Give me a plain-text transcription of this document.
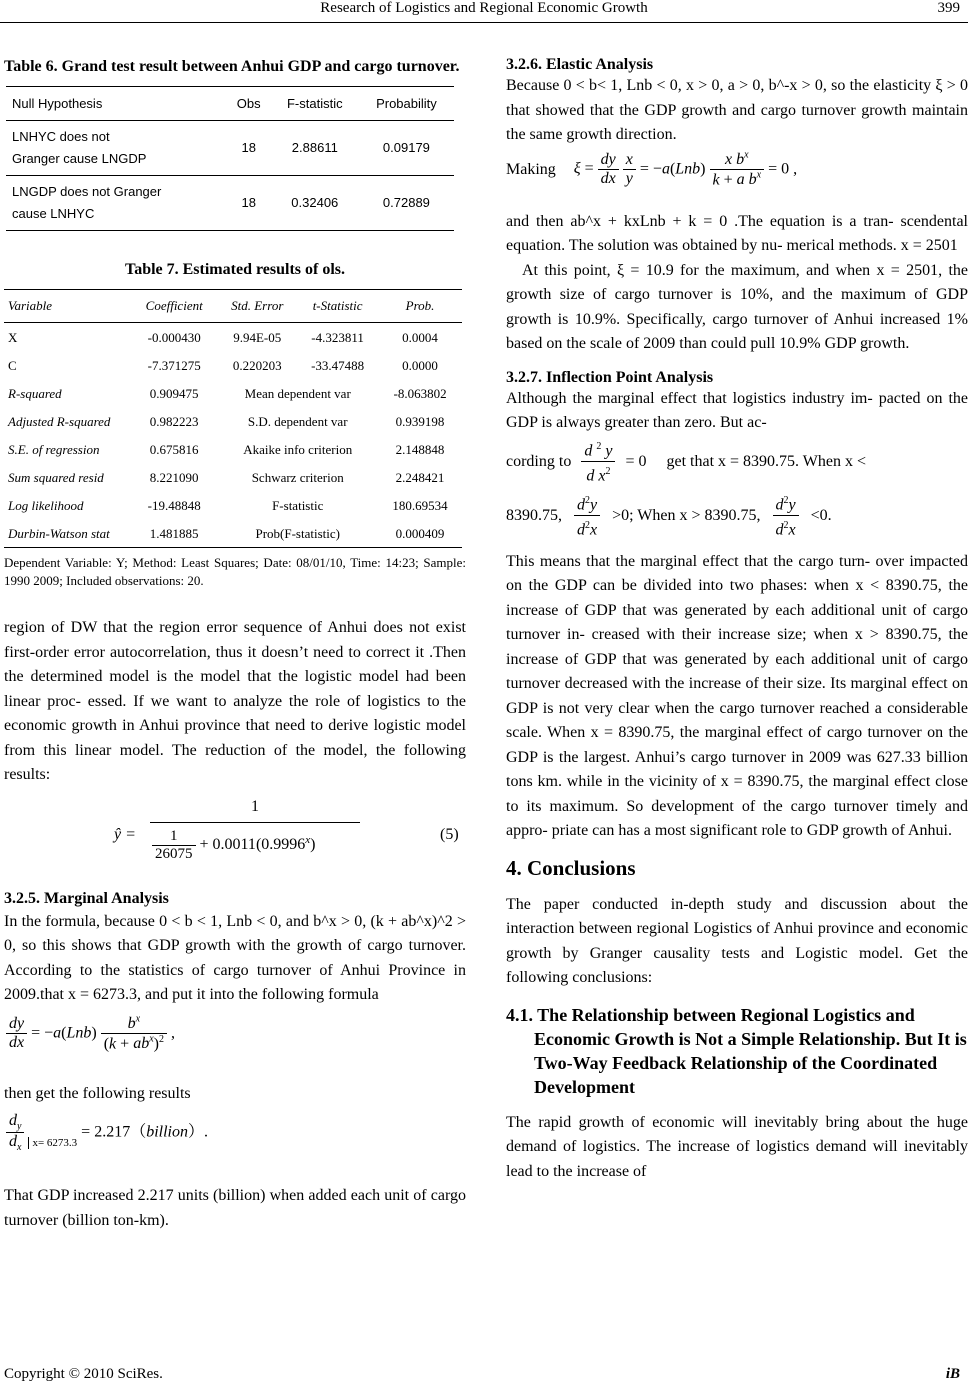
Research of Logistics and Regional Economic Growth	399
Table 6. Grand test result between Anhui GDP and cargo turnover.
Null Hypothesis	Obs	F-statistic	Probability
LNHYC does not
Granger cause LNGDP	18	2.88611	0.09179
LNGDP does not Granger
cause LNHYC	18	0.32406	0.72889
Table 7. Estimated results of ols.
Variable	Coefficient	Std. Error	t-Statistic	Prob.
X	-0.000430	9.94E-05	-4.323811	0.0004
C	-7.371275	0.220203	-33.47488	0.0000
R-squared	0.909475	Mean dependent var		-8.063802
Adjusted R-squared	0.982223	S.D. dependent var		0.939198
S.E. of regression	0.675816	Akaike info criterion		2.148848
Sum squared resid	8.221090	Schwarz criterion		2.248421
Log likelihood	-19.48848	F-statistic		180.69534
Durbin-Watson stat	1.481885	Prob(F-statistic)		0.000409
Dependent Variable: Y; Method: Least Squares; Date: 08/01/10, Time: 14:23; Sample: 1990 2009; Included observations: 20.

region of DW that the region error sequence of Anhui does not exist first-order error autocorrelation, thus it doesn’t need to correct it .Then the determined model is the model that the logistic model had been linear proc- essed. If we want to analyze the role of logistics to the economic growth in Anhui province that need to derive logistic model from this linear model. The reduction of the model, the following results:

ŷ =
1
$\frac{1}{26075} + 0.0011(0.9996^x)$
(5)
3.2.5. Marginal Analysis

In the formula, because 0 < b < 1, Lnb < 0, and b^x > 0, (k + ab^x)^2 > 0, so this shows that GDP growth with the growth of cargo turnover. According to the statistics of cargo turnover of Anhui Province in 2009.that x = 6273.3, and put it into the following formula

$\frac{dy}{dx} = -a(Lnb) \frac{b^x}{(k + ab^x)^2}$ ,

then get the following results

$\frac{d_y}{d_x} _{x= 6273.3}$ = 2.217（billion）.

That GDP increased 2.217 units (billion) when added each unit of cargo turnover (billion ton-km).

3.2.6. Elastic Analysis

Because 0 < b< 1, Lnb < 0, x > 0, a > 0, b^-x > 0, so the elasticity ξ > 0 that showed that the GDP growth and cargo turnover growth maintain the same growth direction.

Making $\xi = \frac{dy}{dx}$
$\frac{x}{y} = -a(Lnb) \frac{x b^x}{k + a b^x} = 0$ ,

and then ab^x + kxLnb + k = 0 .The equation is a tran- scendental equation. The solution was obtained by nu- merical methods. x = 2501

At this point, ξ = 10.9 for the maximum, and when x = 2501, the growth size of cargo turnover is 10%, and the maximum of GDP growth is 10.9%. Specifically, cargo turnover of Anhui increased 1% based on the scale of 2009 than could pull 10.9% GDP growth.

3.2.7. Inflection Point Analysis

Although the marginal effect that logistics industry im- pacted on the GDP is always greater than zero. But ac-

cording to $\frac{d ^2 y}{d x^2} = 0$ get that x = 8390.75. When x <
8390.75, $\frac{d^2y}{d^2x} >0$; When x > 8390.75, $\frac{d^2y}{d^2x} <0$.

This means that the marginal effect that the cargo turn- over impacted on the GDP can be divided into two phases: when x < 8390.75, the increase of GDP that was generated by each additional unit of cargo turnover in- creased with their increase size; when x > 8390.75, the increase of GDP that was generated by each additional unit of cargo turnover decreased with the increase of their size. Its marginal effect on GDP is not very clear when the cargo turnover reached a considerable scale. When x = 8390.75, the marginal effect of cargo turnover on the GDP is the largest. Anhui’s cargo turnover in 2009 was 627.33 billion tons km. while in the vicinity of x = 8390.75, the marginal effect close to its maximum. So development of the cargo turnover timely and appro- priate can has a most significant role to GDP growth of Anhui.

4. Conclusions

The paper conducted in-depth study and discussion about the interaction between regional Logistics of Anhui province and economic growth by Granger causality tests and Logistic model. Get the following conclusions:

4.1. The Relationship between Regional Logistics and Economic Growth is Not a Simple Relationship. But It is Two-Way Feedback Relationship of the Coordinated Development

The rapid growth of economic will inevitably bring about the huge demand of logistics. The increase of logistics demand will inevitably lead to the increase of

Copyright © 2010 SciRes.	iB
